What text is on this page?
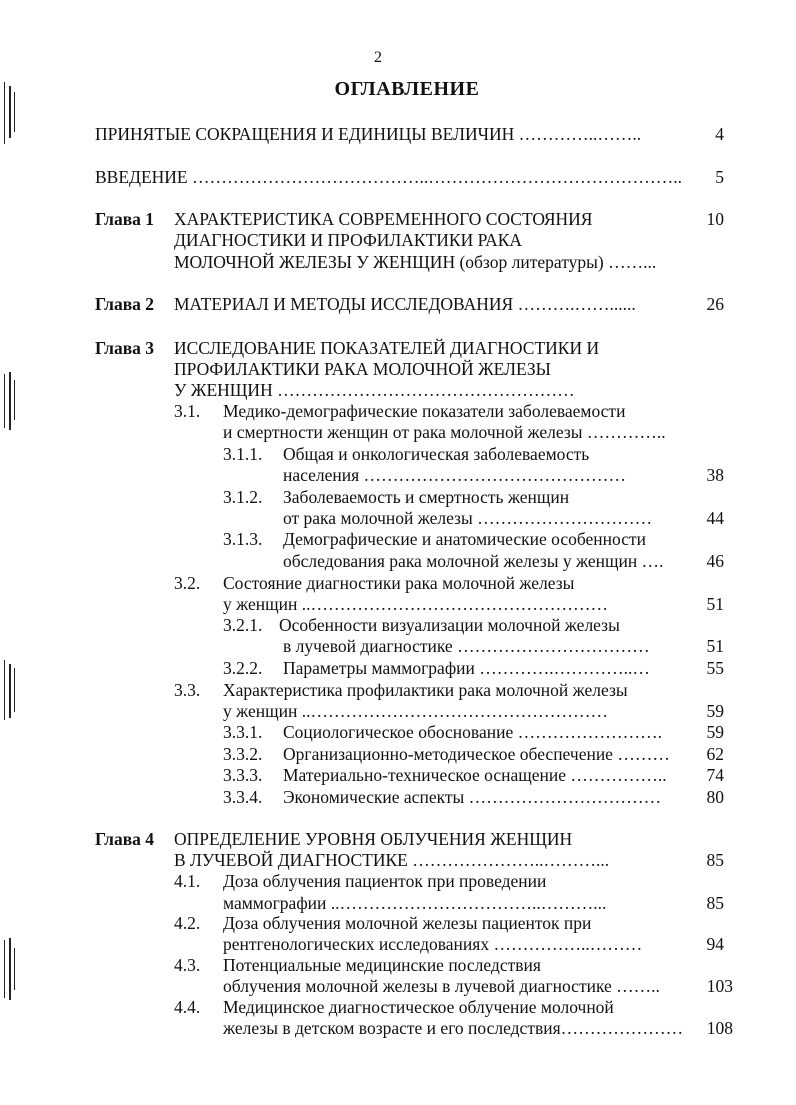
2
ОГЛАВЛЕНИЕ
ПРИНЯТЫЕ СОКРАЩЕНИЯ И ЕДИНИЦЫ ВЕЛИЧИН …………..……..	4
ВВЕДЕНИЕ …………………………………..……………………………………..	5
Глава 1 ХАРАКТЕРИСТИКА СОВРЕМЕННОГО СОСТОЯНИЯ
ДИАГНОСТИКИ И ПРОФИЛАКТИКИ РАКА
МОЛОЧНОЙ ЖЕЛЕЗЫ У ЖЕНЩИН (обзор литературы) ……...
10
Глава 2 МАТЕРИАЛ И МЕТОДЫ ИССЛЕДОВАНИЯ ……….……......	26
Глава 3 ИССЛЕДОВАНИЕ ПОКАЗАТЕЛЕЙ ДИАГНОСТИКИ И
ПРОФИЛАКТИКИ РАКА МОЛОЧНОЙ ЖЕЛЕЗЫ
У ЖЕНЩИН ……………………………………………
3.1. Медико-демографические показатели заболеваемости
и смертности женщин от рака молочной железы …………..
3.1.1. Общая и онкологическая заболеваемость
населения ………………………………………	38
3.1.2. Заболеваемость и смертность женщин
от рака молочной железы …………………………	44
3.1.3. Демографические и анатомические особенности
обследования рака молочной железы у женщин ….	46
3.2. Состояние диагностики рака молочной железы
у женщин ..……………………………………………	51
3.2.1. Особенности визуализации молочной железы
в лучевой диагностике ……………………………	51
3.2.2. Параметры маммографии ………….…………..…	55
3.3. Характеристика профилактики рака молочной железы
у женщин ..……………………………………………	59
3.3.1. Социологическое обоснование …………………….	59
3.3.2. Организационно-методическое обеспечение ………	62
3.3.3. Материально-техническое оснащение ……………..	74
3.3.4. Экономические аспекты ……………………………	80
Глава 4 ОПРЕДЕЛЕНИЕ УРОВНЯ ОБЛУЧЕНИЯ ЖЕНЩИН
В ЛУЧЕВОЙ ДИАГНОСТИКЕ …………………..………...	85
4.1. Доза облучения пациенток при проведении
маммографии ..……………………………..………...	85
4.2. Доза облучения молочной железы пациенток при
рентгенологических исследованиях ……………..………	94
4.3. Потенциальные медицинские последствия
облучения молочной железы в лучевой диагностике ……..	103
4.4. Медицинское диагностическое облучение молочной
железы в детском возрасте и его последствия…………………	108
